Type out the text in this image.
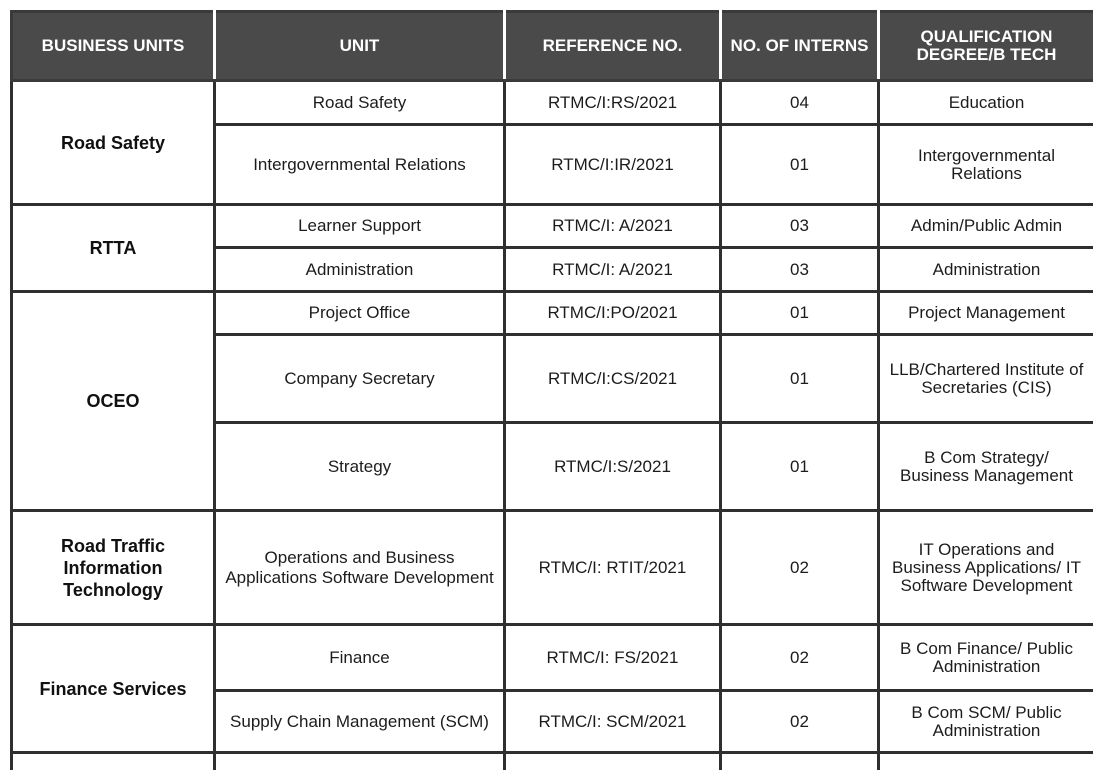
BUSINESS UNITS	UNIT	REFERENCE NO.	NO. OF INTERNS	QUALIFICATION DEGREE/B TECH
Road Safety	Road Safety	RTMC/I:RS/2021	04	Education
	Intergovernmental Relations	RTMC/I:IR/2021	01	Intergovernmental Relations
RTTA	Learner Support	RTMC/I: A/2021	03	Admin/Public Admin
	Administration	RTMC/I: A/2021	03	Administration
OCEO	Project Office	RTMC/I:PO/2021	01	Project Management
	Company Secretary	RTMC/I:CS/2021	01	LLB/Chartered Institute of Secretaries (CIS)
	Strategy	RTMC/I:S/2021	01	B Com Strategy/ Business Management
Road Traffic Information Technology	Operations and Business Applications Software Development	RTMC/I: RTIT/2021	02	IT Operations and Business Applications/ IT Software Development
Finance Services	Finance	RTMC/I: FS/2021	02	B Com Finance/ Public Administration
	Supply Chain Management (SCM)	RTMC/I: SCM/2021	02	B Com SCM/ Public Administration
